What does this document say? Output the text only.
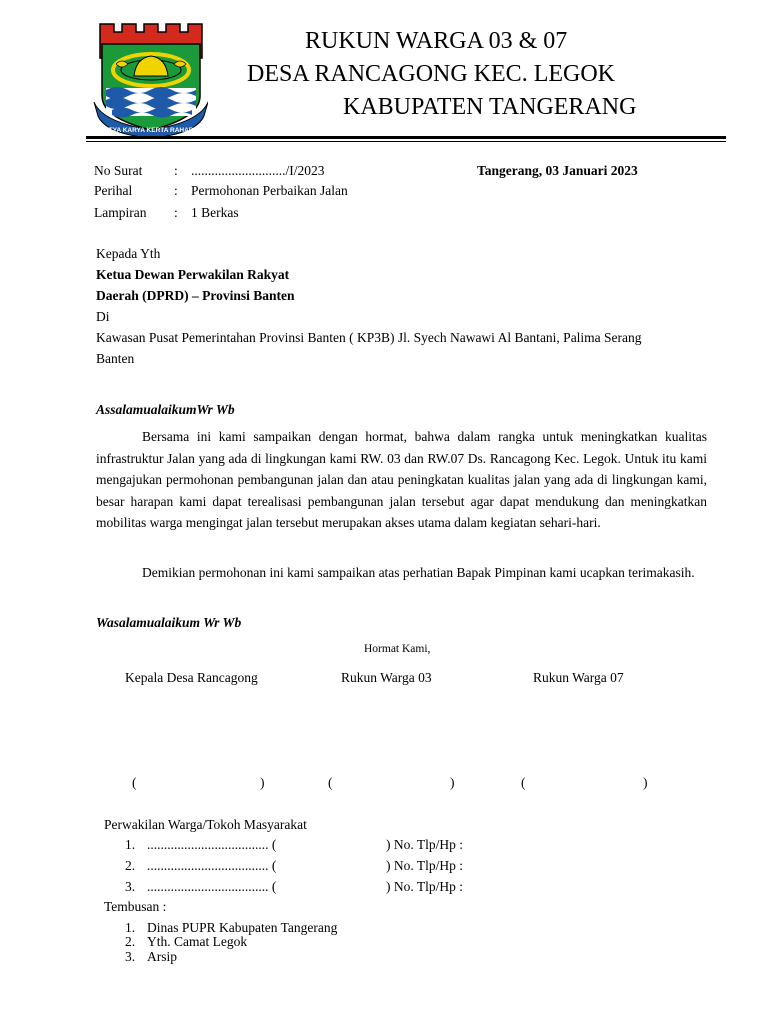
SATYA KARYA KERTA RAHARJA
RUKUN WARGA 03 & 07
DESA RANCAGONG KEC. LEGOK
KABUPATEN TANGERANG
No Surat : ............................/I/2023	Tangerang, 03 Januari 2023
Perihal	: Permohonan Perbaikan Jalan
Lampiran : 1 Berkas
Kepada Yth
Ketua Dewan Perwakilan Rakyat
Daerah (DPRD) – Provinsi Banten
Di
Kawasan Pusat Pemerintahan Provinsi Banten ( KP3B) Jl. Syech Nawawi Al Bantani, Palima Serang
Banten
AssalamualaikumWr Wb
Bersama ini kami sampaikan dengan hormat, bahwa dalam rangka untuk meningkatkan kualitas infrastruktur Jalan yang ada di lingkungan kami RW. 03 dan RW.07 Ds. Rancagong Kec. Legok. Untuk itu kami mengajukan permohonan pembangunan jalan dan atau peningkatan kualitas jalan yang ada di lingkungan kami, besar harapan kami dapat terealisasi pembangunan jalan tersebut agar dapat mendukung dan meningkatkan mobilitas warga mengingat jalan tersebut merupakan akses utama dalam kegiatan sehari-hari.
Demikian permohonan ini kami sampaikan atas perhatian Bapak Pimpinan kami ucapkan terimakasih.
Wasalamualaikum Wr Wb
Hormat Kami,
Kepala Desa Rancagong	Rukun Warga 03	Rukun Warga 07
(	)	(	)	(	)
Perwakilan Warga/Tokoh Masyarakat
1. .................................... (	) No. Tlp/Hp :
2. .................................... (	) No. Tlp/Hp :
3. .................................... (	) No. Tlp/Hp :
Tembusan :
1. Dinas PUPR Kabupaten Tangerang
2. Yth. Camat Legok
3. Arsip
